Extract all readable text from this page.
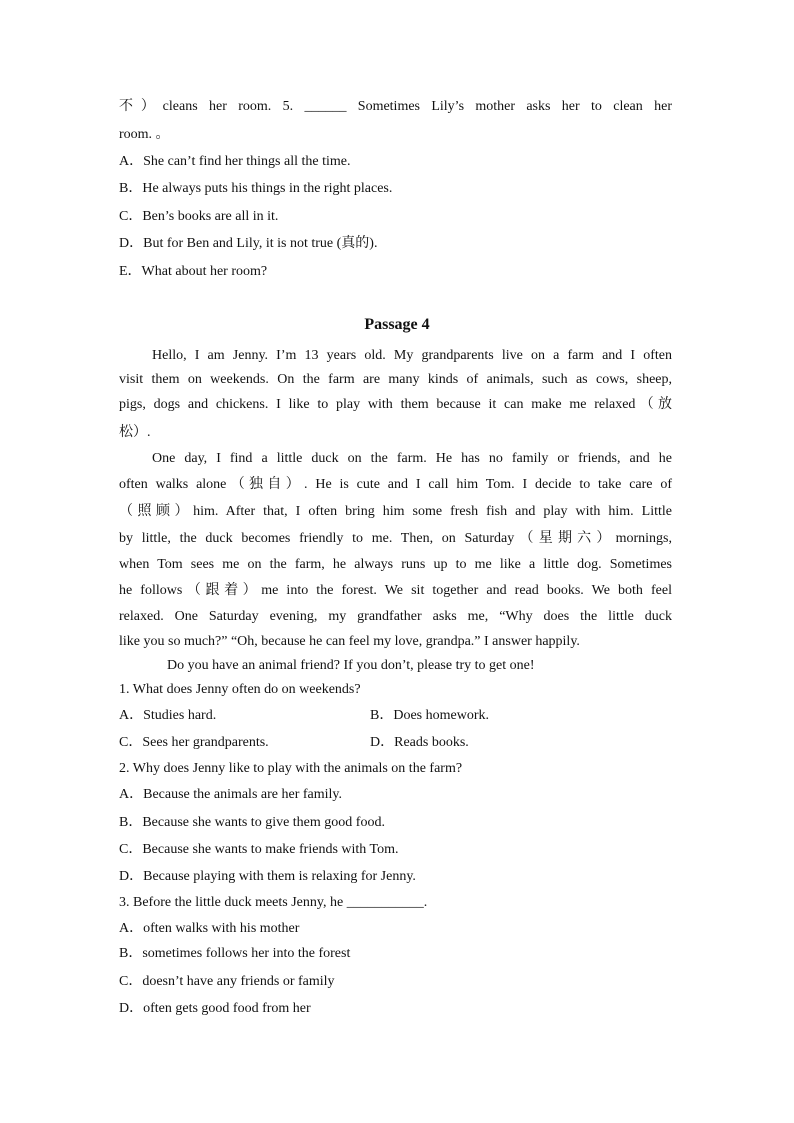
不）cleans her room. 5. ______ Sometimes Lily’s mother asks her to clean her
room. 。
A．She can’t find her things all the time.
B．He always puts his things in the right places.
C．Ben’s books are all in it.
D．But for Ben and Lily, it is not true (真的).
E．What about her room?
Passage 4
Hello, I am Jenny. I’m 13 years old. My grandparents live on a farm and I often
visit them on weekends. On the farm are many kinds of animals, such as cows, sheep,
pigs, dogs and chickens. I like to play with them because it can make me relaxed（放
松）.
One day, I find a little duck on the farm. He has no family or friends, and he
often walks alone（独自）. He is cute and I call him Tom. I decide to take care of
（照顾）him. After that, I often bring him some fresh fish and play with him. Little
by little, the duck becomes friendly to me. Then, on Saturday（星期六）mornings,
when Tom sees me on the farm, he always runs up to me like a little dog. Sometimes
he follows（跟着）me into the forest. We sit together and read books. We both feel
relaxed. One Saturday evening, my grandfather asks me, “Why does the little duck
like you so much?” “Oh, because he can feel my love, grandpa.” I answer happily.
Do you have an animal friend? If you don’t, please try to get one!
1. What does Jenny often do on weekends?
A．Studies hard.	B．Does homework.
C．Sees her grandparents.	D．Reads books.
2. Why does Jenny like to play with the animals on the farm?
A．Because the animals are her family.
B．Because she wants to give them good food.
C．Because she wants to make friends with Tom.
D．Because playing with them is relaxing for Jenny.
3. Before the little duck meets Jenny, he ___________.
A．often walks with his mother
B．sometimes follows her into the forest
C．doesn’t have any friends or family
D．often gets good food from her
